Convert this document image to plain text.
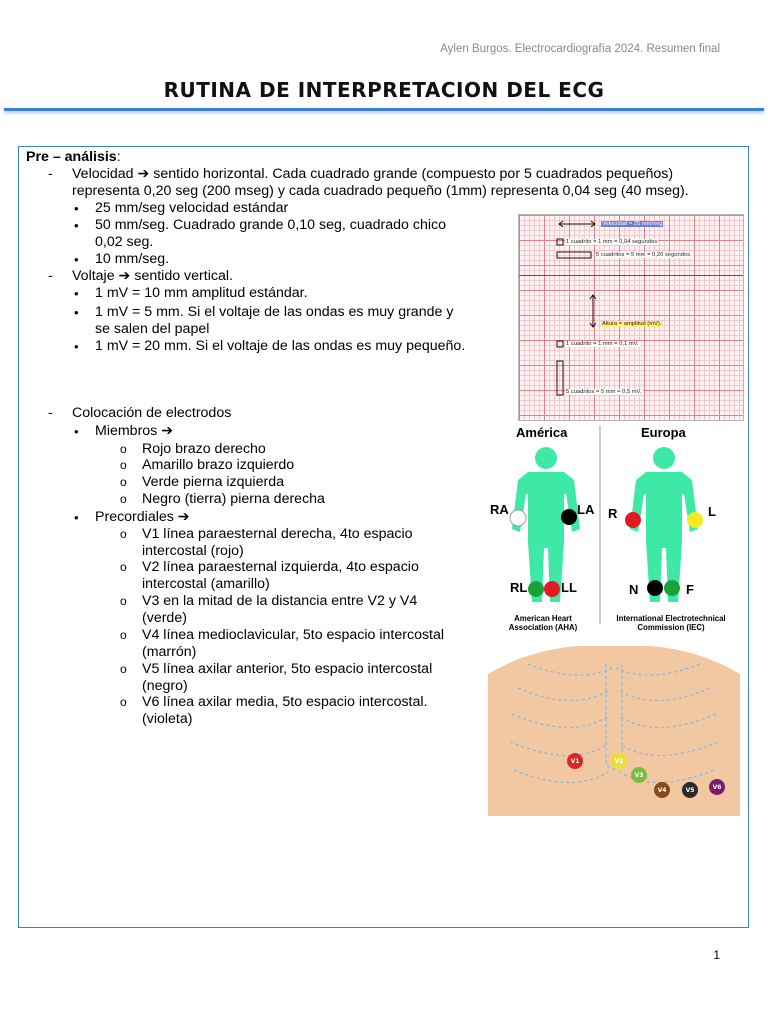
Aylen Burgos. Electrocardiografía 2024. Resumen final
RUTINA DE INTERPRETACION DEL ECG
Pre – análisis:
- Velocidad ➔ sentido horizontal. Cada cuadrado grande (compuesto por 5 cuadrados pequeños)
representa 0,20 seg (200 mseg) y cada cuadrado pequeño (1mm) representa 0,04 seg (40 mseg).
• 25 mm/seg velocidad estándar
• 50 mm/seg. Cuadrado grande 0,10 seg, cuadrado chico
0,02 seg.
• 10 mm/seg.
- Voltaje ➔ sentido vertical.
• 1 mV = 10 mm amplitud estándar.
• 1 mV = 5 mm. Si el voltaje de las ondas es muy grande y
se salen del papel
• 1 mV = 20 mm. Si el voltaje de las ondas es muy pequeño.
- Colocación de electrodos
• Miembros ➔
o Rojo brazo derecho
o Amarillo brazo izquierdo
o Verde pierna izquierda
o Negro (tierra) pierna derecha
• Precordiales ➔
o V1 línea paraesternal derecha, 4to espacio
intercostal (rojo)
o V2 línea paraesternal izquierda, 4to espacio
intercostal (amarillo)
o V3 en la mitad de la distancia entre V2 y V4
(verde)
o V4 línea medioclavicular, 5to espacio intercostal
(marrón)
o V5 línea axilar anterior, 5to espacio intercostal
(negro)
o V6 línea axilar media, 5to espacio intercostal.
(violeta)
Velocidad = 25 mm/seg
1 cuadrito = 1 mm = 0,04 segundos
5 cuadritos = 5 mm = 0,20 segundos.
Altura = amplitud (mV).
1 cuadrito = 1 mm = 0,1 mV.
5 cuadritos = 5 mm = 0,5 mV.
América	Europa
RA	LA
RL	LL
R	L
N	F
American Heart Association (AHA)
International Electrotechnical Commission (IEC)
V1	V2
V3
V4	V5	V6
1
